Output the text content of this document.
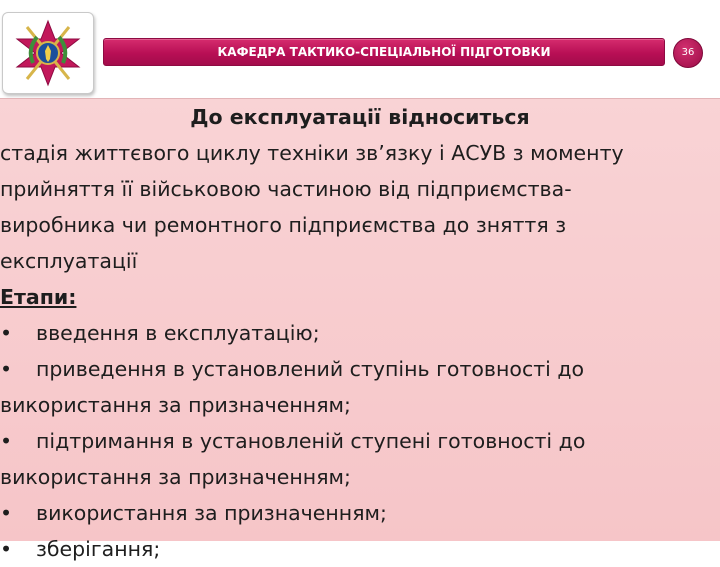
КАФЕДРА ТАКТИКО-СПЕЦІАЛЬНОЇ ПІДГОТОВКИ	36

До експлуатації відноситься

стадія життєвого циклу техніки зв’язку і АСУВ з моменту

прийняття її військовою частиною від підприємства-

виробника чи ремонтного підприємства до зняття з

експлуатації

Етапи:

• введення в експлуатацію;

• приведення в установлений ступінь готовності до

використання за призначенням;

• підтримання в установленій ступені готовності до

використання за призначенням;

• використання за призначенням;

• зберігання;
